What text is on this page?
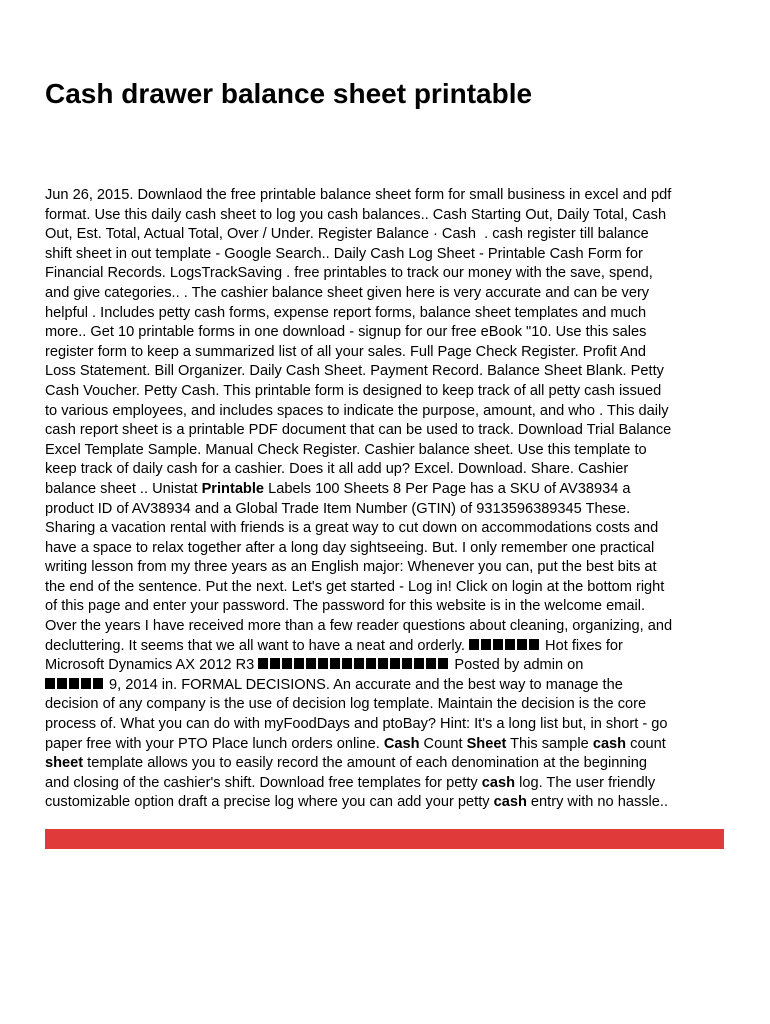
Cash drawer balance sheet printable
Jun 26, 2015. Downlaod the free printable balance sheet form for small business in excel and pdf
format. Use this daily cash sheet to log you cash balances.. Cash Starting Out, Daily Total, Cash
Out, Est. Total, Actual Total, Over / Under. Register Balance · Cash  . cash register till balance
shift sheet in out template - Google Search.. Daily Cash Log Sheet - Printable Cash Form for
Financial Records. LogsTrackSaving . free printables to track our money with the save, spend,
and give categories.. . The cashier balance sheet given here is very accurate and can be very
helpful . Includes petty cash forms, expense report forms, balance sheet templates and much
more.. Get 10 printable forms in one download - signup for our free eBook "10. Use this sales
register form to keep a summarized list of all your sales. Full Page Check Register. Profit And
Loss Statement. Bill Organizer. Daily Cash Sheet. Payment Record. Balance Sheet Blank. Petty
Cash Voucher. Petty Cash. This printable form is designed to keep track of all petty cash issued
to various employees, and includes spaces to indicate the purpose, amount, and who . This daily
cash report sheet is a printable PDF document that can be used to track. Download Trial Balance
Excel Template Sample. Manual Check Register. Cashier balance sheet. Use this template to
keep track of daily cash for a cashier. Does it all add up? Excel. Download. Share. Cashier
balance sheet .. Unistat Printable Labels 100 Sheets 8 Per Page has a SKU of AV38934 a
product ID of AV38934 and a Global Trade Item Number (GTIN) of 9313596389345 These.
Sharing a vacation rental with friends is a great way to cut down on accommodations costs and
have a space to relax together after a long day sightseeing. But. I only remember one practical
writing lesson from my three years as an English major: Whenever you can, put the best bits at
the end of the sentence. Put the next. Let's get started - Log in! Click on login at the bottom right
of this page and enter your password. The password for this website is in the welcome email.
Over the years I have received more than a few reader questions about cleaning, organizing, and
decluttering. It seems that we all want to have a neat and orderly.	Hot fixes for
Microsoft Dynamics AX 2012 R3	Posted by admin on
9, 2014 in. FORMAL DECISIONS. An accurate and the best way to manage the
decision of any company is the use of decision log template. Maintain the decision is the core
process of. What you can do with myFoodDays and ptoBay? Hint: It's a long list but, in short - go
paper free with your PTO Place lunch orders online. Cash Count Sheet This sample cash count
sheet template allows you to easily record the amount of each denomination at the beginning
and closing of the cashier's shift. Download free templates for petty cash log. The user friendly
customizable option draft a precise log where you can add your petty cash entry with no hassle..
